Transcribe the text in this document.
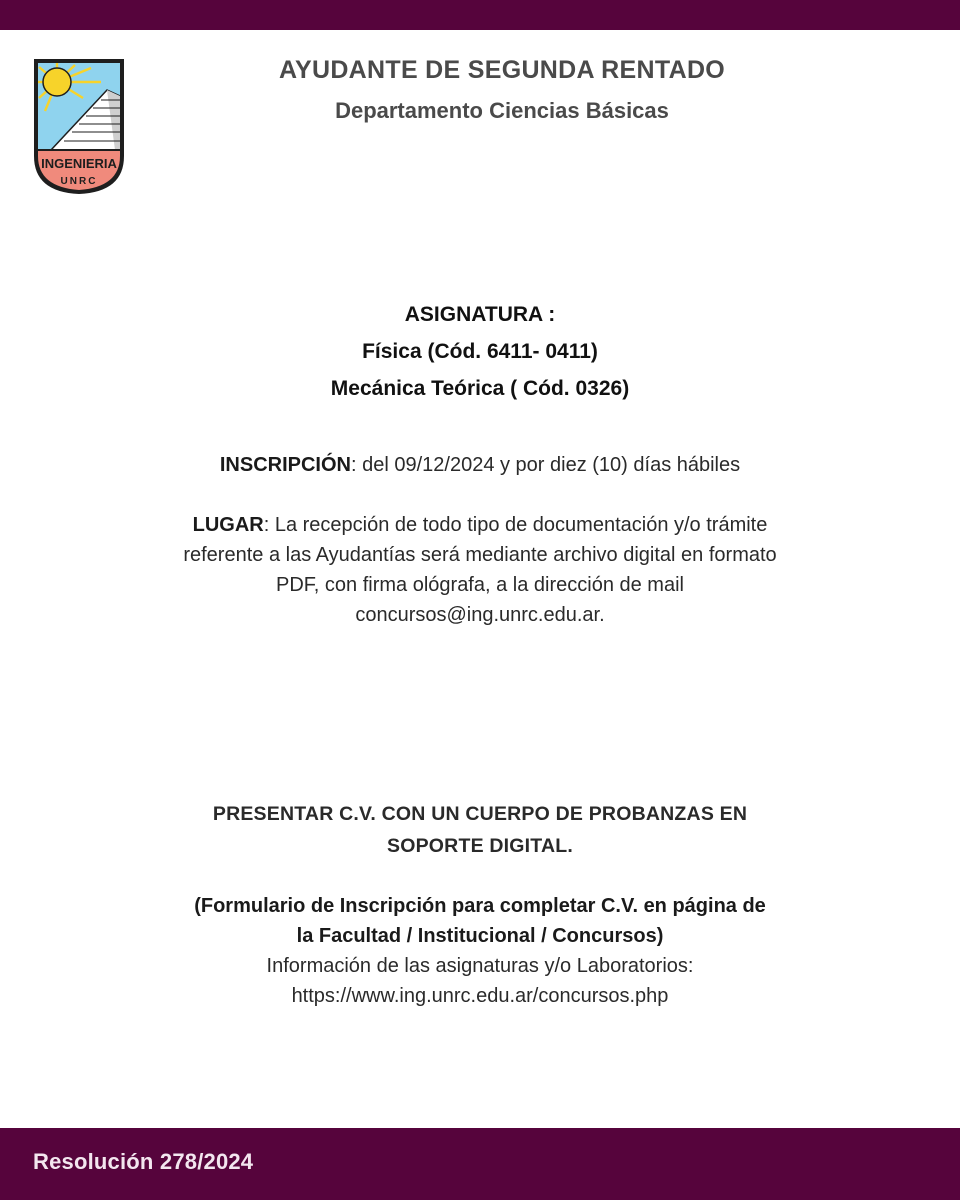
INGENIERIA
UNRC
AYUDANTE DE SEGUNDA RENTADO
Departamento Ciencias Básicas
ASIGNATURA :
Física (Cód. 6411- 0411)
Mecánica Teórica ( Cód. 0326)
INSCRIPCIÓN: del 09/12/2024 y por diez (10) días hábiles
LUGAR: La recepción de todo tipo de documentación y/o trámite
referente a las Ayudantías será mediante archivo digital en formato
PDF, con firma ológrafa, a la dirección de mail
concursos@ing.unrc.edu.ar.
PRESENTAR C.V. CON UN CUERPO DE PROBANZAS EN
SOPORTE DIGITAL.
(Formulario de Inscripción para completar C.V. en página de
la Facultad / Institucional / Concursos)
Información de las asignaturas y/o Laboratorios:
https://www.ing.unrc.edu.ar/concursos.php
Resolución 278/2024
